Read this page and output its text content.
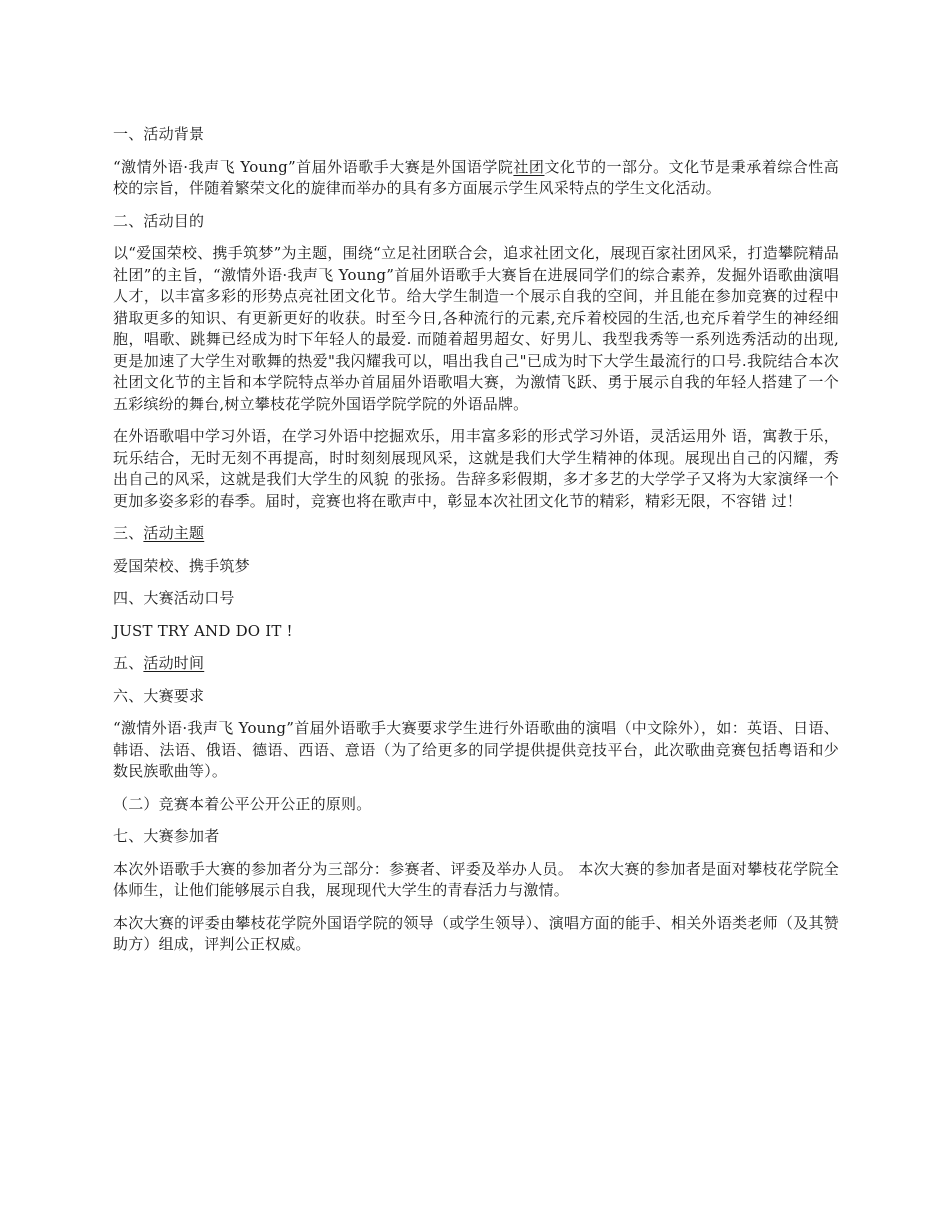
一、活动背景

“激情外语·我声飞 Young”首届外语歌手大赛是外国语学院社团文化节的一部分。文化节是秉承着综合性高校的宗旨，伴随着繁荣文化的旋律而举办的具有多方面展示学生风采特点的学生文化活动。

二、活动目的

以“爱国荣校、携手筑梦”为主题，围绕“立足社团联合会，追求社团文化，展现百家社团风采，打造攀院精品社团”的主旨，“激情外语·我声飞 Young”首届外语歌手大赛旨在进展同学们的综合素养，发掘外语歌曲演唱人才，以丰富多彩的形势点亮社团文化节。给大学生制造一个展示自我的空间，并且能在参加竞赛的过程中猎取更多的知识、有更新更好的收获。时至今日,各种流行的元素,充斥着校园的生活,也充斥着学生的神经细胞，唱歌、跳舞已经成为时下年轻人的最爱. 而随着超男超女、好男儿、我型我秀等一系列选秀活动的出现,更是加速了大学生对歌舞的热爱"我闪耀我可以，唱出我自己"已成为时下大学生最流行的口号.我院结合本次社团文化节的主旨和本学院特点举办首届届外语歌唱大赛，为激情飞跃、勇于展示自我的年轻人搭建了一个五彩缤纷的舞台,树立攀枝花学院外国语学院学院的外语品牌。

在外语歌唱中学习外语，在学习外语中挖掘欢乐，用丰富多彩的形式学习外语，灵活运用外 语，寓教于乐，玩乐结合，无时无刻不再提高，时时刻刻展现风采，这就是我们大学生精神的体现。展现出自己的闪耀，秀出自己的风采，这就是我们大学生的风貌 的张扬。告辞多彩假期，多才多艺的大学学子又将为大家演绎一个更加多姿多彩的春季。届时，竞赛也将在歌声中，彰显本次社团文化节的精彩，精彩无限，不容错 过！

三、活动主题

爱国荣校、携手筑梦

四、大赛活动口号

JUST TRY AND DO IT !

五、活动时间

六、大赛要求

“激情外语·我声飞 Young”首届外语歌手大赛要求学生进行外语歌曲的演唱（中文除外），如：英语、日语、韩语、法语、俄语、德语、西语、意语（为了给更多的同学提供提供竞技平台，此次歌曲竞赛包括粤语和少数民族歌曲等）。

（二）竞赛本着公平公开公正的原则。

七、大赛参加者

本次外语歌手大赛的参加者分为三部分：参赛者、评委及举办人员。 本次大赛的参加者是面对攀枝花学院全体师生，让他们能够展示自我，展现现代大学生的青春活力与激情。

本次大赛的评委由攀枝花学院外国语学院的领导（或学生领导）、演唱方面的能手、相关外语类老师（及其赞助方）组成，评判公正权威。
